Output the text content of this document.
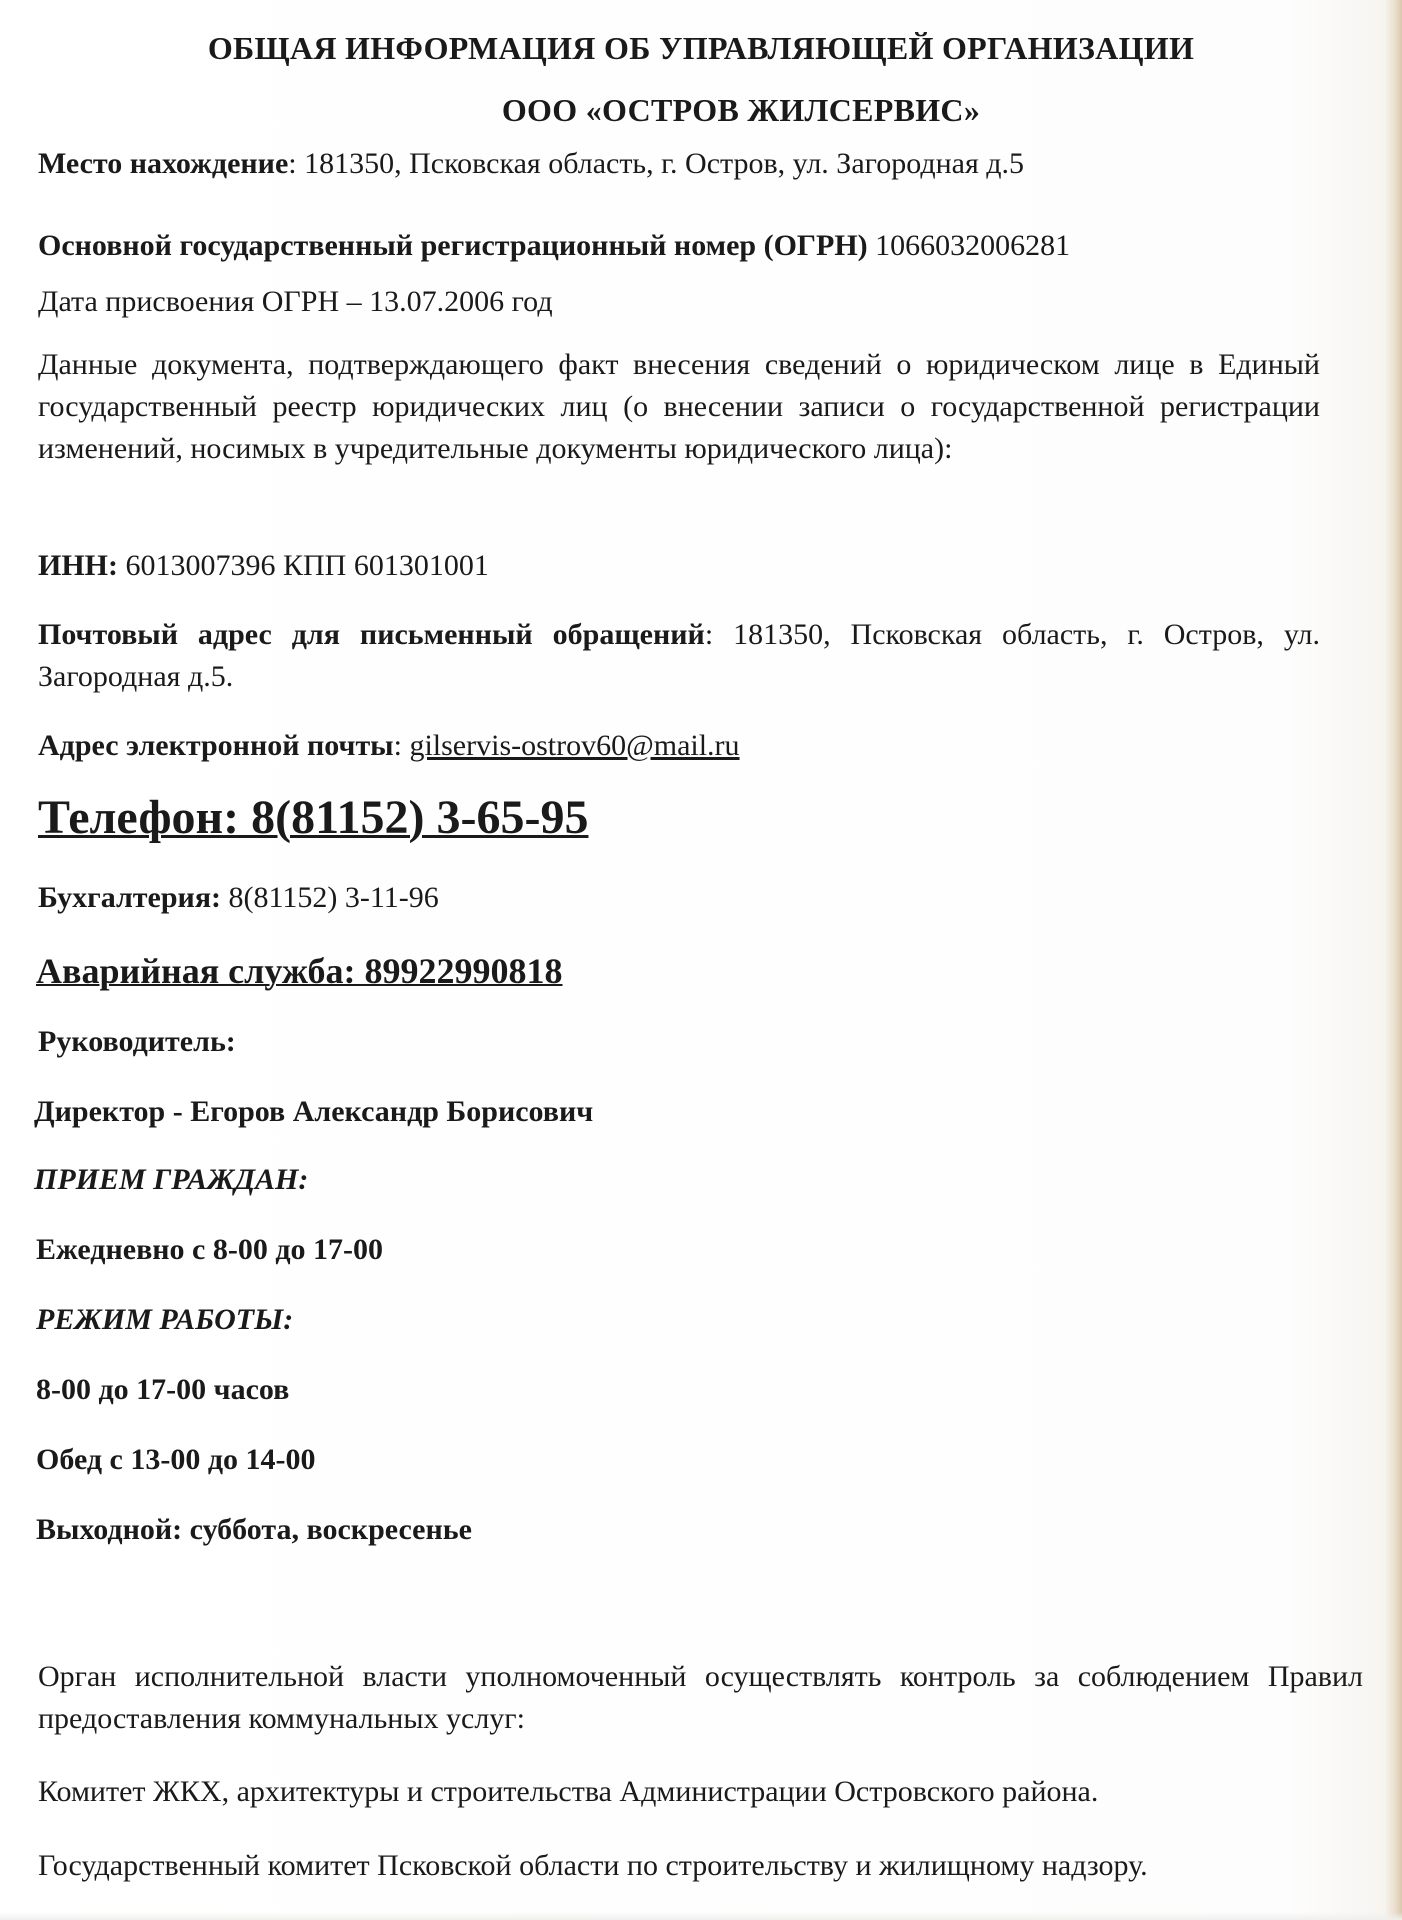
ОБЩАЯ ИНФОРМАЦИЯ ОБ УПРАВЛЯЮЩЕЙ ОРГАНИЗАЦИИ
ООО «ОСТРОВ ЖИЛСЕРВИС»
Место нахождение: 181350, Псковская область, г. Остров, ул. Загородная д.5
Основной государственный регистрационный номер (ОГРН) 1066032006281
Дата присвоения ОГРН – 13.07.2006 год
Данные документа, подтверждающего факт внесения сведений о юридическом лице в Единый государственный реестр юридических лиц (о внесении записи о государственной регистрации изменений, носимых в учредительные документы юридического лица):
ИНН: 6013007396 КПП 601301001
Почтовый адрес для письменный обращений: 181350, Псковская область, г. Остров, ул. Загородная д.5.
Адрес электронной почты: gilservis-ostrov60@mail.ru
Телефон: 8(81152) 3-65-95
Бухгалтерия: 8(81152) 3-11-96
Аварийная служба: 89922990818
Руководитель:
Директор - Егоров Александр Борисович
ПРИЕМ ГРАЖДАН:
Ежедневно с 8-00 до 17-00
РЕЖИМ РАБОТЫ:
8-00 до 17-00 часов
Обед с 13-00 до 14-00
Выходной: суббота, воскресенье
Орган исполнительной власти уполномоченный осуществлять контроль за соблюдением Правил предоставления коммунальных услуг:
Комитет ЖКХ, архитектуры и строительства Администрации Островского района.
Государственный комитет Псковской области по строительству и жилищному надзору.
